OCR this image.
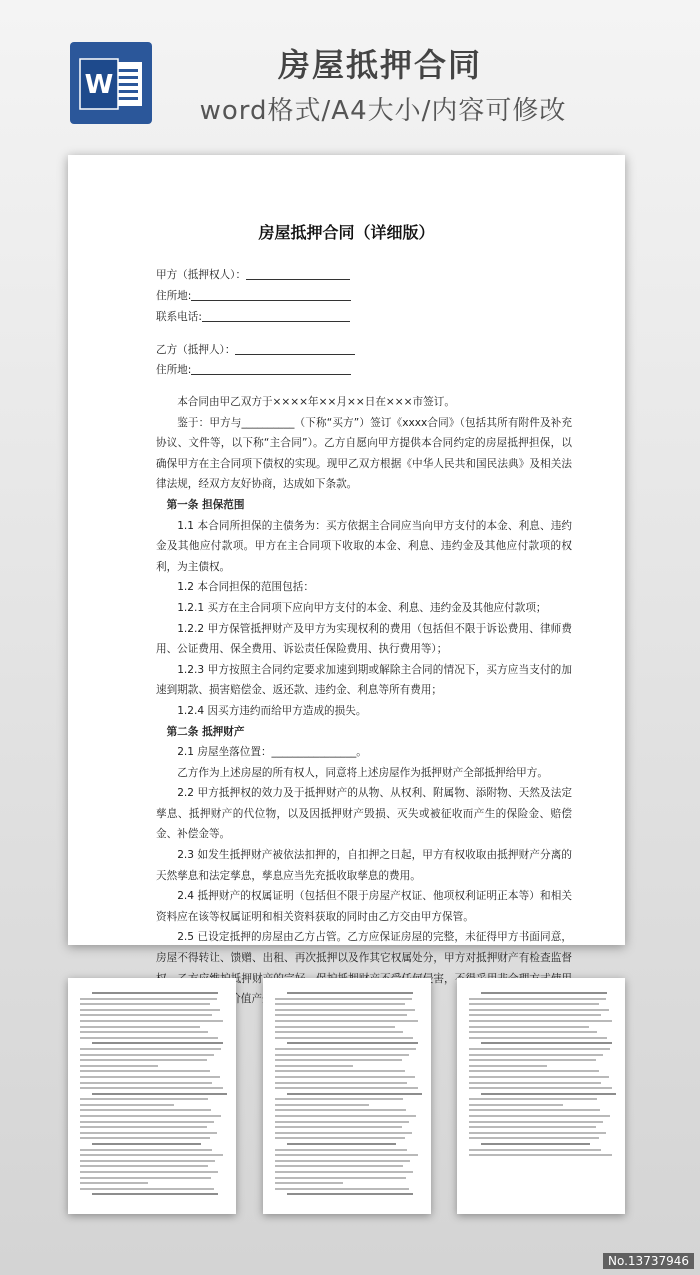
W
房屋抵押合同
word格式/A4大小/内容可修改
房屋抵押合同（详细版）
甲方（抵押权人）：
住所地:
联系电话:
乙方（抵押人）：
住所地:

本合同由甲乙双方于××××年××月××日在×××市签订。

鉴于：甲方与__________（下称“买方”）签订《xxxx合同》（包括其所有附件及补充协议、文件等，以下称“主合同”）。乙方自愿向甲方提供本合同约定的房屋抵押担保，以确保甲方在主合同项下债权的实现。现甲乙双方根据《中华人民共和国民法典》及相关法律法规，经双方友好协商，达成如下条款。

第一条 担保范围

1.1 本合同所担保的主债务为：买方依据主合同应当向甲方支付的本金、利息、违约金及其他应付款项。甲方在主合同项下收取的本金、利息、违约金及其他应付款项的权利，为主债权。

1.2 本合同担保的范围包括：

1.2.1 买方在主合同项下应向甲方支付的本金、利息、违约金及其他应付款项；

1.2.2 甲方保管抵押财产及甲方为实现权利的费用（包括但不限于诉讼费用、律师费用、公证费用、保全费用、诉讼责任保险费用、执行费用等）；

1.2.3 甲方按照主合同约定要求加速到期或解除主合同的情况下，买方应当支付的加速到期款、损害赔偿金、返还款、违约金、利息等所有费用；

1.2.4 因买方违约而给甲方造成的损失。

第二条 抵押财产

2.1 房屋坐落位置：________________。

乙方作为上述房屋的所有权人，同意将上述房屋作为抵押财产全部抵押给甲方。

2.2 甲方抵押权的效力及于抵押财产的从物、从权利、附属物、添附物、天然及法定孳息、抵押财产的代位物，以及因抵押财产毁损、灭失或被征收而产生的保险金、赔偿金、补偿金等。

2.3 如发生抵押财产被依法扣押的，自扣押之日起，甲方有权收取由抵押财产分离的天然孳息和法定孳息，孳息应当先充抵收取孳息的费用。

2.4 抵押财产的权属证明（包括但不限于房屋产权证、他项权利证明正本等）和相关资料应在该等权属证明和相关资料获取的同时由乙方交由甲方保管。

2.5 已设定抵押的房屋由乙方占管。乙方应保证房屋的完整，未征得甲方书面同意，房屋不得转让、馈赠、出租、再次抵押以及作其它权属处分，甲方对抵押财产有检查监督 维护抵押财产的完 侵害，不 其价值产生减损。

No.13737946
